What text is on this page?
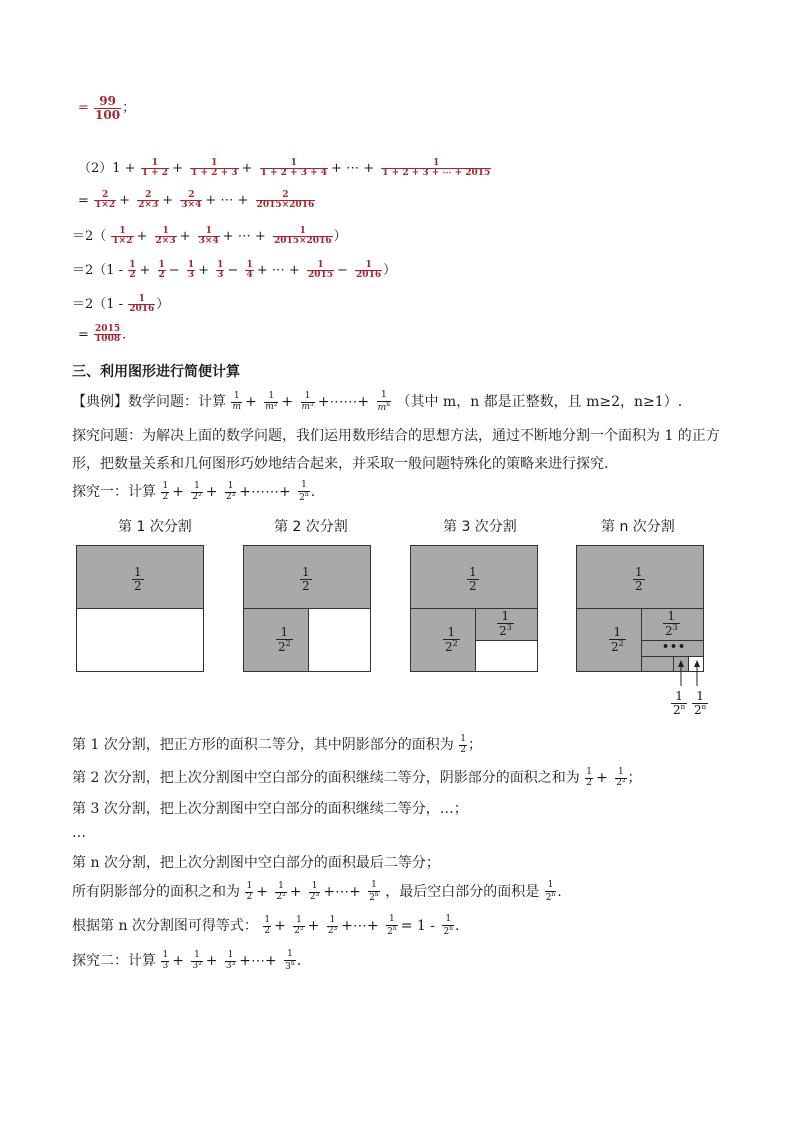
= $\frac{99}{100}$ ；
$(2)1 + \frac{1}{1 + 2} + \frac{1}{1 + 2 + 3} + \frac{1}{1 + 2 + 3 + 4}$ + ⋯ + $\frac{1}{1 + 2 + 3 + \cdots + 2015}$
= $\frac{2}{1\times 2} + \frac{2}{2\times 3} + \frac{2}{3\times 4}$ + ⋯ + $\frac{2}{2015\times 2016}$
$=2( \frac{1}{1\times 2} + \frac{1}{2\times 3} + \frac{1}{3\times 4}$ + ⋯ + $\frac{1}{2015\times 2016}$ ）
$=2(1 - \frac{1}{2} + \frac{1}{2} - \frac{1}{3} + \frac{1}{3} - \frac{1}{4}$ + ⋯ + $\frac{1}{2015} - \frac{1}{2016}$ ）
$=2(1 - \frac{1}{2016}$ ）
= $\frac{2015}{1008}$ .
三、利用图形进行简便计算
【典例】数学问题：计算 $\frac{1}{m} + \frac{1}{\text{m²}} + \frac{1}{\text{m³}}$ +⋯⋯+ $\frac{1}{m^n}$ （其中 m，n 都是正整数，且 m≥2，n≥1）.
探究问题：为解决上面的数学问题，我们运用数形结合的思想方法，通过不断地分割一个面积为 1 的正方
形，把数量关系和几何图形巧妙地结合起来，并采取一般问题特殊化的策略来进行探究．
探究一：计算 $\frac{1}{2} + \frac{1}{\text{2²}} + \frac{1}{\text{2³}}$ +⋯⋯+ $\frac{1}{2^n}$ .
第 1 次分割	第 2 次分割	第 3 次分割	第 n 次分割
1
2
1
2
1
$2^2$
1
2
1
$2^2$
1
$2^3$
1
2
1
$2^2$
1
$2^3$
•••
1
2$^n$
1
2$^n$
第 1 次分割，把正方形的面积二等分，其中阴影部分的面积为 $\frac{1}{2}$ ；
第 2 次分割，把上次分割图中空白部分的面积继续二等分，阴影部分的面积之和为 $\frac{1}{2} + \frac{1}{\text{2²}}$ ；
第 3 次分割，把上次分割图中空白部分的面积继续二等分，…；
…
第 n 次分割，把上次分割图中空白部分的面积最后二等分；
所有阴影部分的面积之和为 $\frac{1}{2} + \frac{1}{\text{2²}} + \frac{1}{\text{2³}}$ +⋯+ $\frac{1}{2^n}$ ，最后空白部分的面积是 $\frac{1}{2^n}$ .
根据第 n 次分割图可得等式： $\frac{1}{2} + \frac{1}{\text{2²}} + \frac{1}{\text{2³}}$ +⋯+ $\frac{1}{2^n} = 1 - \frac{1}{2^n}$ .
探究二：计算 $\frac{1}{3} + \frac{1}{\text{3²}} + \frac{1}{\text{3³}}$ +⋯+ $\frac{1}{3^n}$ .
